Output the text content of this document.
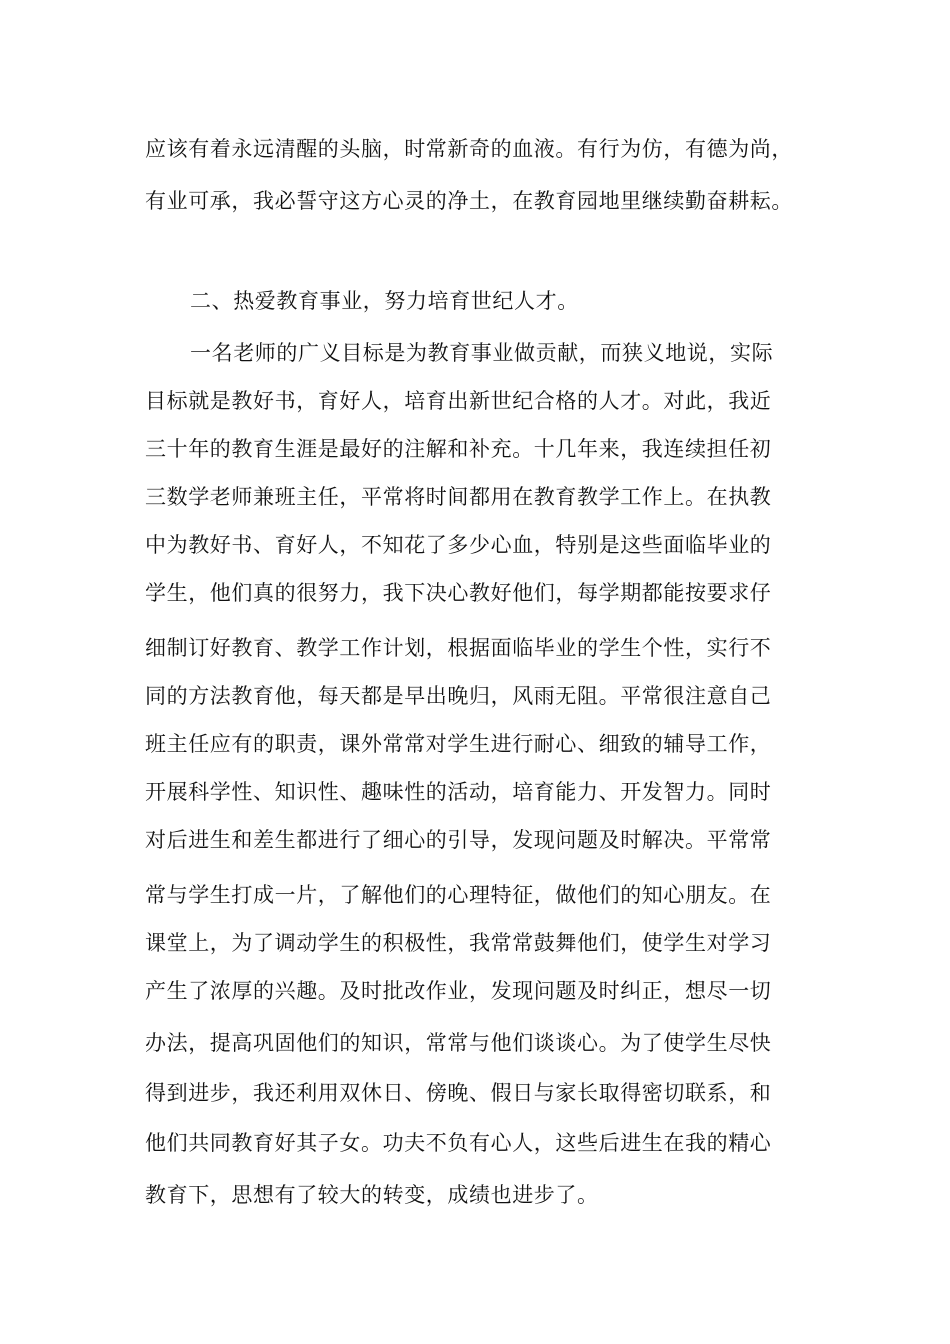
应该有着永远清醒的头脑，时常新奇的血液。有行为仿，有德为尚，
有业可承，我必誓守这方心灵的净土，在教育园地里继续勤奋耕耘。
二、热爱教育事业，努力培育世纪人才。
一名老师的广义目标是为教育事业做贡献，而狭义地说，实际
目标就是教好书，育好人，培育出新世纪合格的人才。对此，我近
三十年的教育生涯是最好的注解和补充。十几年来，我连续担任初
三数学老师兼班主任，平常将时间都用在教育教学工作上。在执教
中为教好书、育好人，不知花了多少心血，特别是这些面临毕业的
学生，他们真的很努力，我下决心教好他们，每学期都能按要求仔
细制订好教育、教学工作计划，根据面临毕业的学生个性，实行不
同的方法教育他，每天都是早出晚归，风雨无阻。平常很注意自己
班主任应有的职责，课外常常对学生进行耐心、细致的辅导工作，
开展科学性、知识性、趣味性的活动，培育能力、开发智力。同时
对后进生和差生都进行了细心的引导，发现问题及时解决。平常常
常与学生打成一片，了解他们的心理特征，做他们的知心朋友。在
课堂上，为了调动学生的积极性，我常常鼓舞他们，使学生对学习
产生了浓厚的兴趣。及时批改作业，发现问题及时纠正，想尽一切
办法，提高巩固他们的知识，常常与他们谈谈心。为了使学生尽快
得到进步，我还利用双休日、傍晚、假日与家长取得密切联系，和
他们共同教育好其子女。功夫不负有心人，这些后进生在我的精心
教育下，思想有了较大的转变，成绩也进步了。
